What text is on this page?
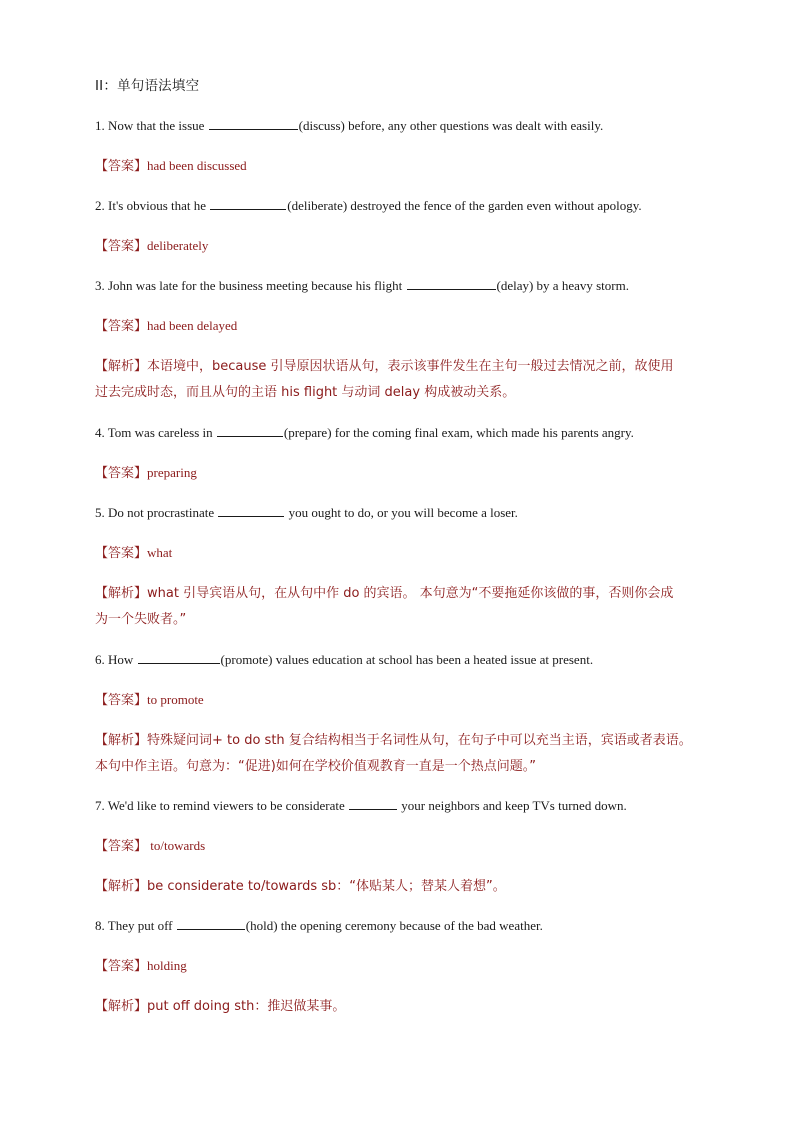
II：单句语法填空
1. Now that the issue	(discuss) before, any other questions was dealt with easily.
【答案】had been discussed
2. It's obvious that he	(deliberate) destroyed the fence of the garden even without apology.
【答案】deliberately
3. John was late for the business meeting because his flight	(delay) by a heavy storm.
【答案】had been delayed
【解析】本语境中，because 引导原因状语从句，表示该事件发生在主句一般过去情况之前，故使用
过去完成时态，而且从句的主语 his flight 与动词 delay 构成被动关系。
4. Tom was careless in	(prepare) for the coming final exam, which made his parents angry.
【答案】preparing
5. Do not procrastinate	you ought to do, or you will become a loser.
【答案】what
【解析】what 引导宾语从句，在从句中作 do 的宾语。 本句意为“不要拖延你该做的事，否则你会成
为一个失败者。”
6. How	(promote) values education at school has been a heated issue at present.
【答案】to promote
【解析】特殊疑问词+ to do sth 复合结构相当于名词性从句，在句子中可以充当主语，宾语或者表语。
本句中作主语。句意为：“促进)如何在学校价值观教育一直是一个热点问题。”
7. We'd like to remind viewers to be considerate	your neighbors and keep TVs turned down.
【答案】 to/towards
【解析】be considerate to/towards sb：“体贴某人；替某人着想”。
8. They put off	(hold) the opening ceremony because of the bad weather.
【答案】holding
【解析】put off doing sth：推迟做某事。
